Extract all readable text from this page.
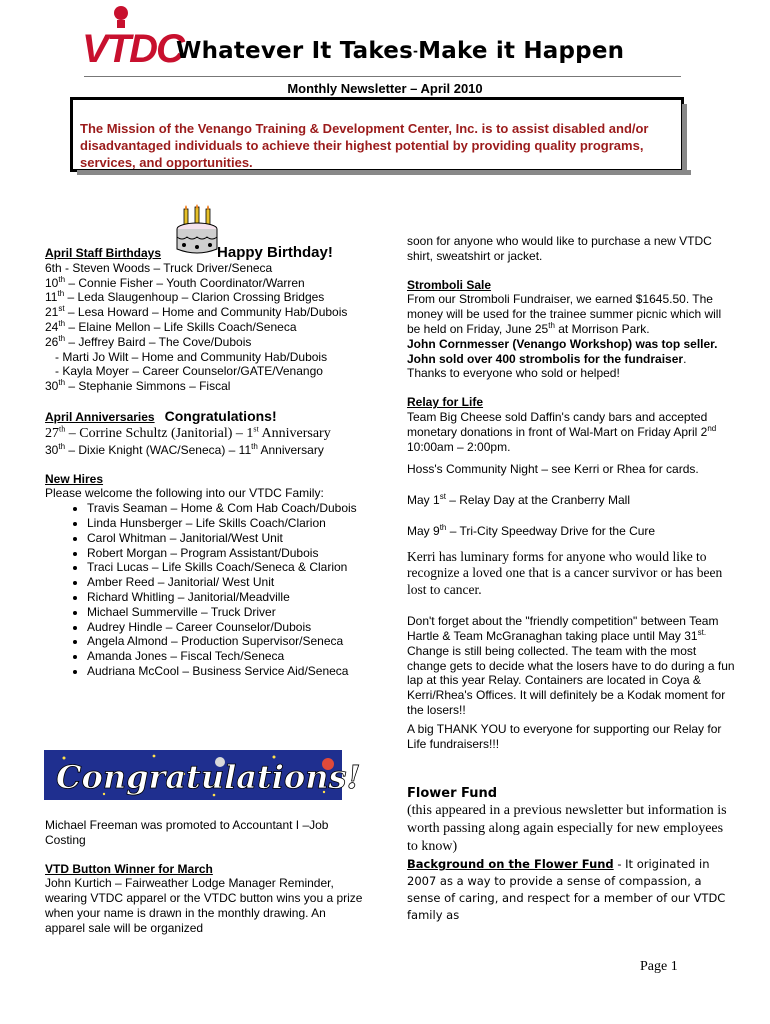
VTDC
Whatever It Takes-Make it Happen
Monthly Newsletter – April 2010
The Mission of the Venango Training & Development Center, Inc. is to assist disabled and/or disadvantaged individuals to achieve their highest potential by providing quality programs, services, and opportunities.

April Staff Birthdays	Happy Birthday!

6th - Steven Woods – Truck Driver/Seneca

10th – Connie Fisher – Youth Coordinator/Warren

11th – Leda Slaugenhoup – Clarion Crossing Bridges

21st – Lesa Howard – Home and Community Hab/Dubois

24th – Elaine Mellon – Life Skills Coach/Seneca

26th – Jeffrey Baird – The Cove/Dubois

- Marti Jo Wilt – Home and Community Hab/Dubois

- Kayla Moyer – Career Counselor/GATE/Venango

30th – Stephanie Simmons – Fiscal

April Anniversaries Congratulations!

27th – Corrine Schultz (Janitorial) – 1st Anniversary

30th – Dixie Knight (WAC/Seneca) – 11th Anniversary

New Hires

Please welcome the following into our VTDC Family:

• Travis Seaman – Home & Com Hab Coach/Dubois
• Linda Hunsberger – Life Skills Coach/Clarion
• Carol Whitman – Janitorial/West Unit
• Robert Morgan – Program Assistant/Dubois
• Traci Lucas – Life Skills Coach/Seneca & Clarion
• Amber Reed – Janitorial/ West Unit
• Richard Whitling – Janitorial/Meadville
• Michael Summerville – Truck Driver
• Audrey Hindle – Career Counselor/Dubois
• Angela Almond – Production Supervisor/Seneca
• Amanda Jones – Fiscal Tech/Seneca
• Audriana McCool – Business Service Aid/Seneca
Congratulations!

Michael Freeman was promoted to Accountant I –Job Costing

VTD Button Winner for March

John Kurtich – Fairweather Lodge Manager Reminder, wearing VTDC apparel or the VTDC button wins you a prize when your name is drawn in the monthly drawing. An apparel sale will be organized

soon for anyone who would like to purchase a new VTDC shirt, sweatshirt or jacket.

Stromboli Sale

From our Stromboli Fundraiser, we earned $1645.50. The money will be used for the trainee summer picnic which will be held on Friday, June 25th at Morrison Park.

John Cornmesser (Venango Workshop) was top seller. John sold over 400 strombolis for the fundraiser.

Thanks to everyone who sold or helped!

Relay for Life

Team Big Cheese sold Daffin's candy bars and accepted monetary donations in front of Wal-Mart on Friday April 2nd 10:00am – 2:00pm.

Hoss's Community Night – see Kerri or Rhea for cards.

May 1st – Relay Day at the Cranberry Mall

May 9th – Tri-City Speedway Drive for the Cure

Kerri has luminary forms for anyone who would like to recognize a loved one that is a cancer survivor or has been lost to cancer.

Don't forget about the "friendly competition" between Team Hartle & Team McGranaghan taking place until May $31^{st.}$ Change is still being collected. The team with the most change gets to decide what the losers have to do during a fun lap at this year Relay. Containers are located in Coya & Kerri/Rhea's Offices. It will definitely be a Kodak moment for the losers!!

A big THANK YOU to everyone for supporting our Relay for Life fundraisers!!!

Flower Fund

(this appeared in a previous newsletter but information is worth passing along again especially for new employees to know)

Background on the Flower Fund - It originated in 2007 as a way to provide a sense of compassion, a sense of caring, and respect for a member of our VTDC family as

Page 1
